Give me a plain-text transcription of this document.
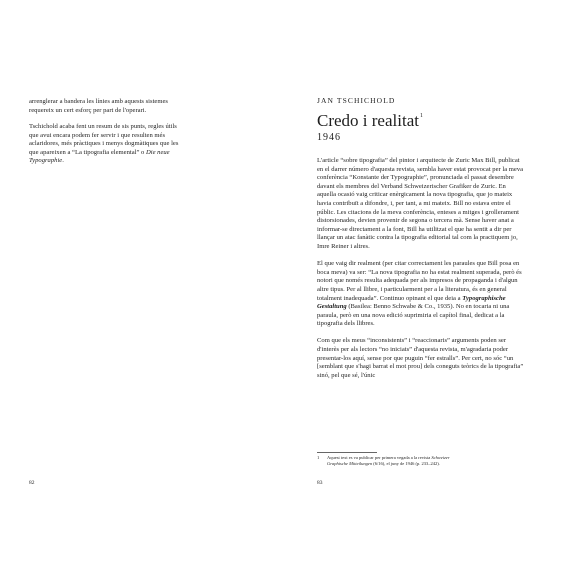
arrenglerar a bandera les línies amb aquests sistemes
requereix un cert esforç per part de l'operari.

Tschichold acaba fent un resum de sis punts, regles útils
que avui encara podem fer servir i que resulten més
aclaridores, més pràctiques i menys dogmàtiques que les
que apareixen a “La tipografia elemental” o Die neue
Typographie.

82

JAN TSCHICHOLD

Credo i realitat$^1$

1946

L'article “sobre tipografia” del pintor i arquitecte de Zuric Max Bill, publicat en el darrer número d'aquesta revista, sembla haver estat provocat per la meva conferència “Konstante der Typographie”, pronunciada el passat desembre davant els membres del Verband Schweizerischer Grafiker de Zuric. En aquella ocasió vaig criticar enèrgicament la nova tipografia, que jo mateix havia contribuït a difondre, i, per tant, a mi mateix. Bill no estava entre el públic. Les citacions de la meva conferència, enteses a mitges i grollerament distorsionades, devien provenir de segona o tercera mà. Sense haver anat a informar-se directament a la font, Bill ha utilitzat el que ha sentit a dir per llançar un atac fanàtic contra la tipografia editorial tal com la practiquem jo, Imre Reiner i altres.

El que vaig dir realment (per citar correctament les paraules que Bill posa en boca meva) va ser: “La nova tipografia no ha estat realment superada, però és notori que només resulta adequada per als impresos de propaganda i d'algun altre tipus. Per al llibre, i particularment per a la literatura, és en general totalment inadequada”. Continuo opinant el que deia a Typographische Gestaltung (Basilea: Benno Schwabe & Co., 1935). No en tocaria ni una paraula, però en una nova edició suprimiria el capítol final, dedicat a la tipografia dels llibres.

Com que els meus “inconsistents” i “reaccionaris” arguments poden ser d'interès per als lectors “no iniciats” d'aquesta revista, m'agradaria poder presentar-los aquí, sense por que puguin “fer estralls”. Per cert, no sóc “un [semblant que s'hagi barrat el mot prou] dels coneguts teòrics de la tipografia” sinó, pel que sé, l'únic

1 Aquest text es va publicar per primera vegada a la revista Schweizer
Graphische Mitteilungen (6/16), el juny de 1946 (p. 233–242).
83
